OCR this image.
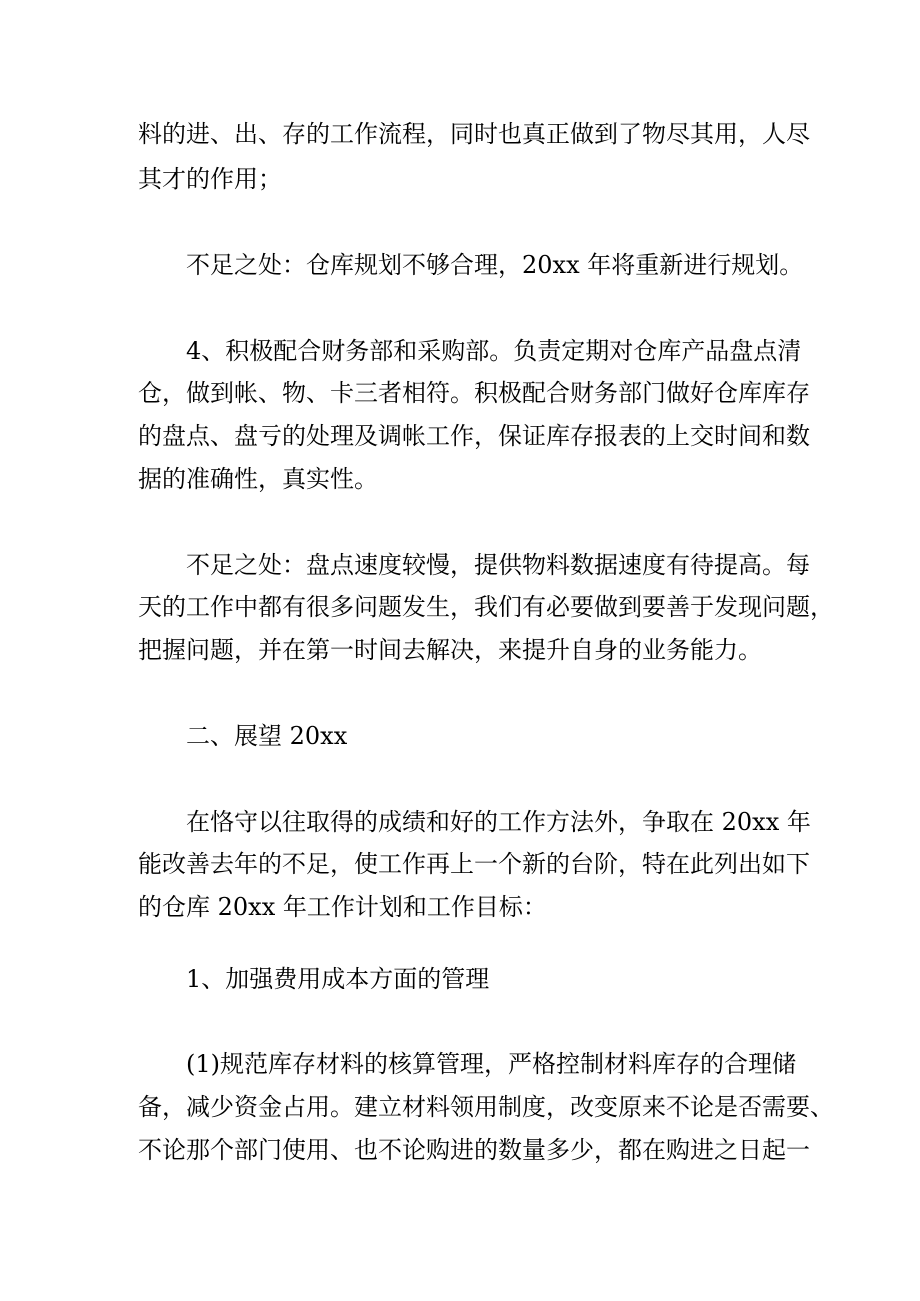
料的进、出、存的工作流程，同时也真正做到了物尽其用，人尽
其才的作用；
不足之处：仓库规划不够合理，20xx 年将重新进行规划。
4、积极配合财务部和采购部。负责定期对仓库产品盘点清
仓，做到帐、物、卡三者相符。积极配合财务部门做好仓库库存
的盘点、盘亏的处理及调帐工作，保证库存报表的上交时间和数
据的准确性，真实性。
不足之处：盘点速度较慢，提供物料数据速度有待提高。每
天的工作中都有很多问题发生，我们有必要做到要善于发现问题，
把握问题，并在第一时间去解决，来提升自身的业务能力。
二、展望 20xx
在恪守以往取得的成绩和好的工作方法外，争取在 20xx 年
能改善去年的不足，使工作再上一个新的台阶，特在此列出如下
的仓库 20xx 年工作计划和工作目标：
1、加强费用成本方面的管理
(1)规范库存材料的核算管理，严格控制材料库存的合理储
备，减少资金占用。建立材料领用制度，改变原来不论是否需要、
不论那个部门使用、也不论购进的数量多少，都在购进之日起一
